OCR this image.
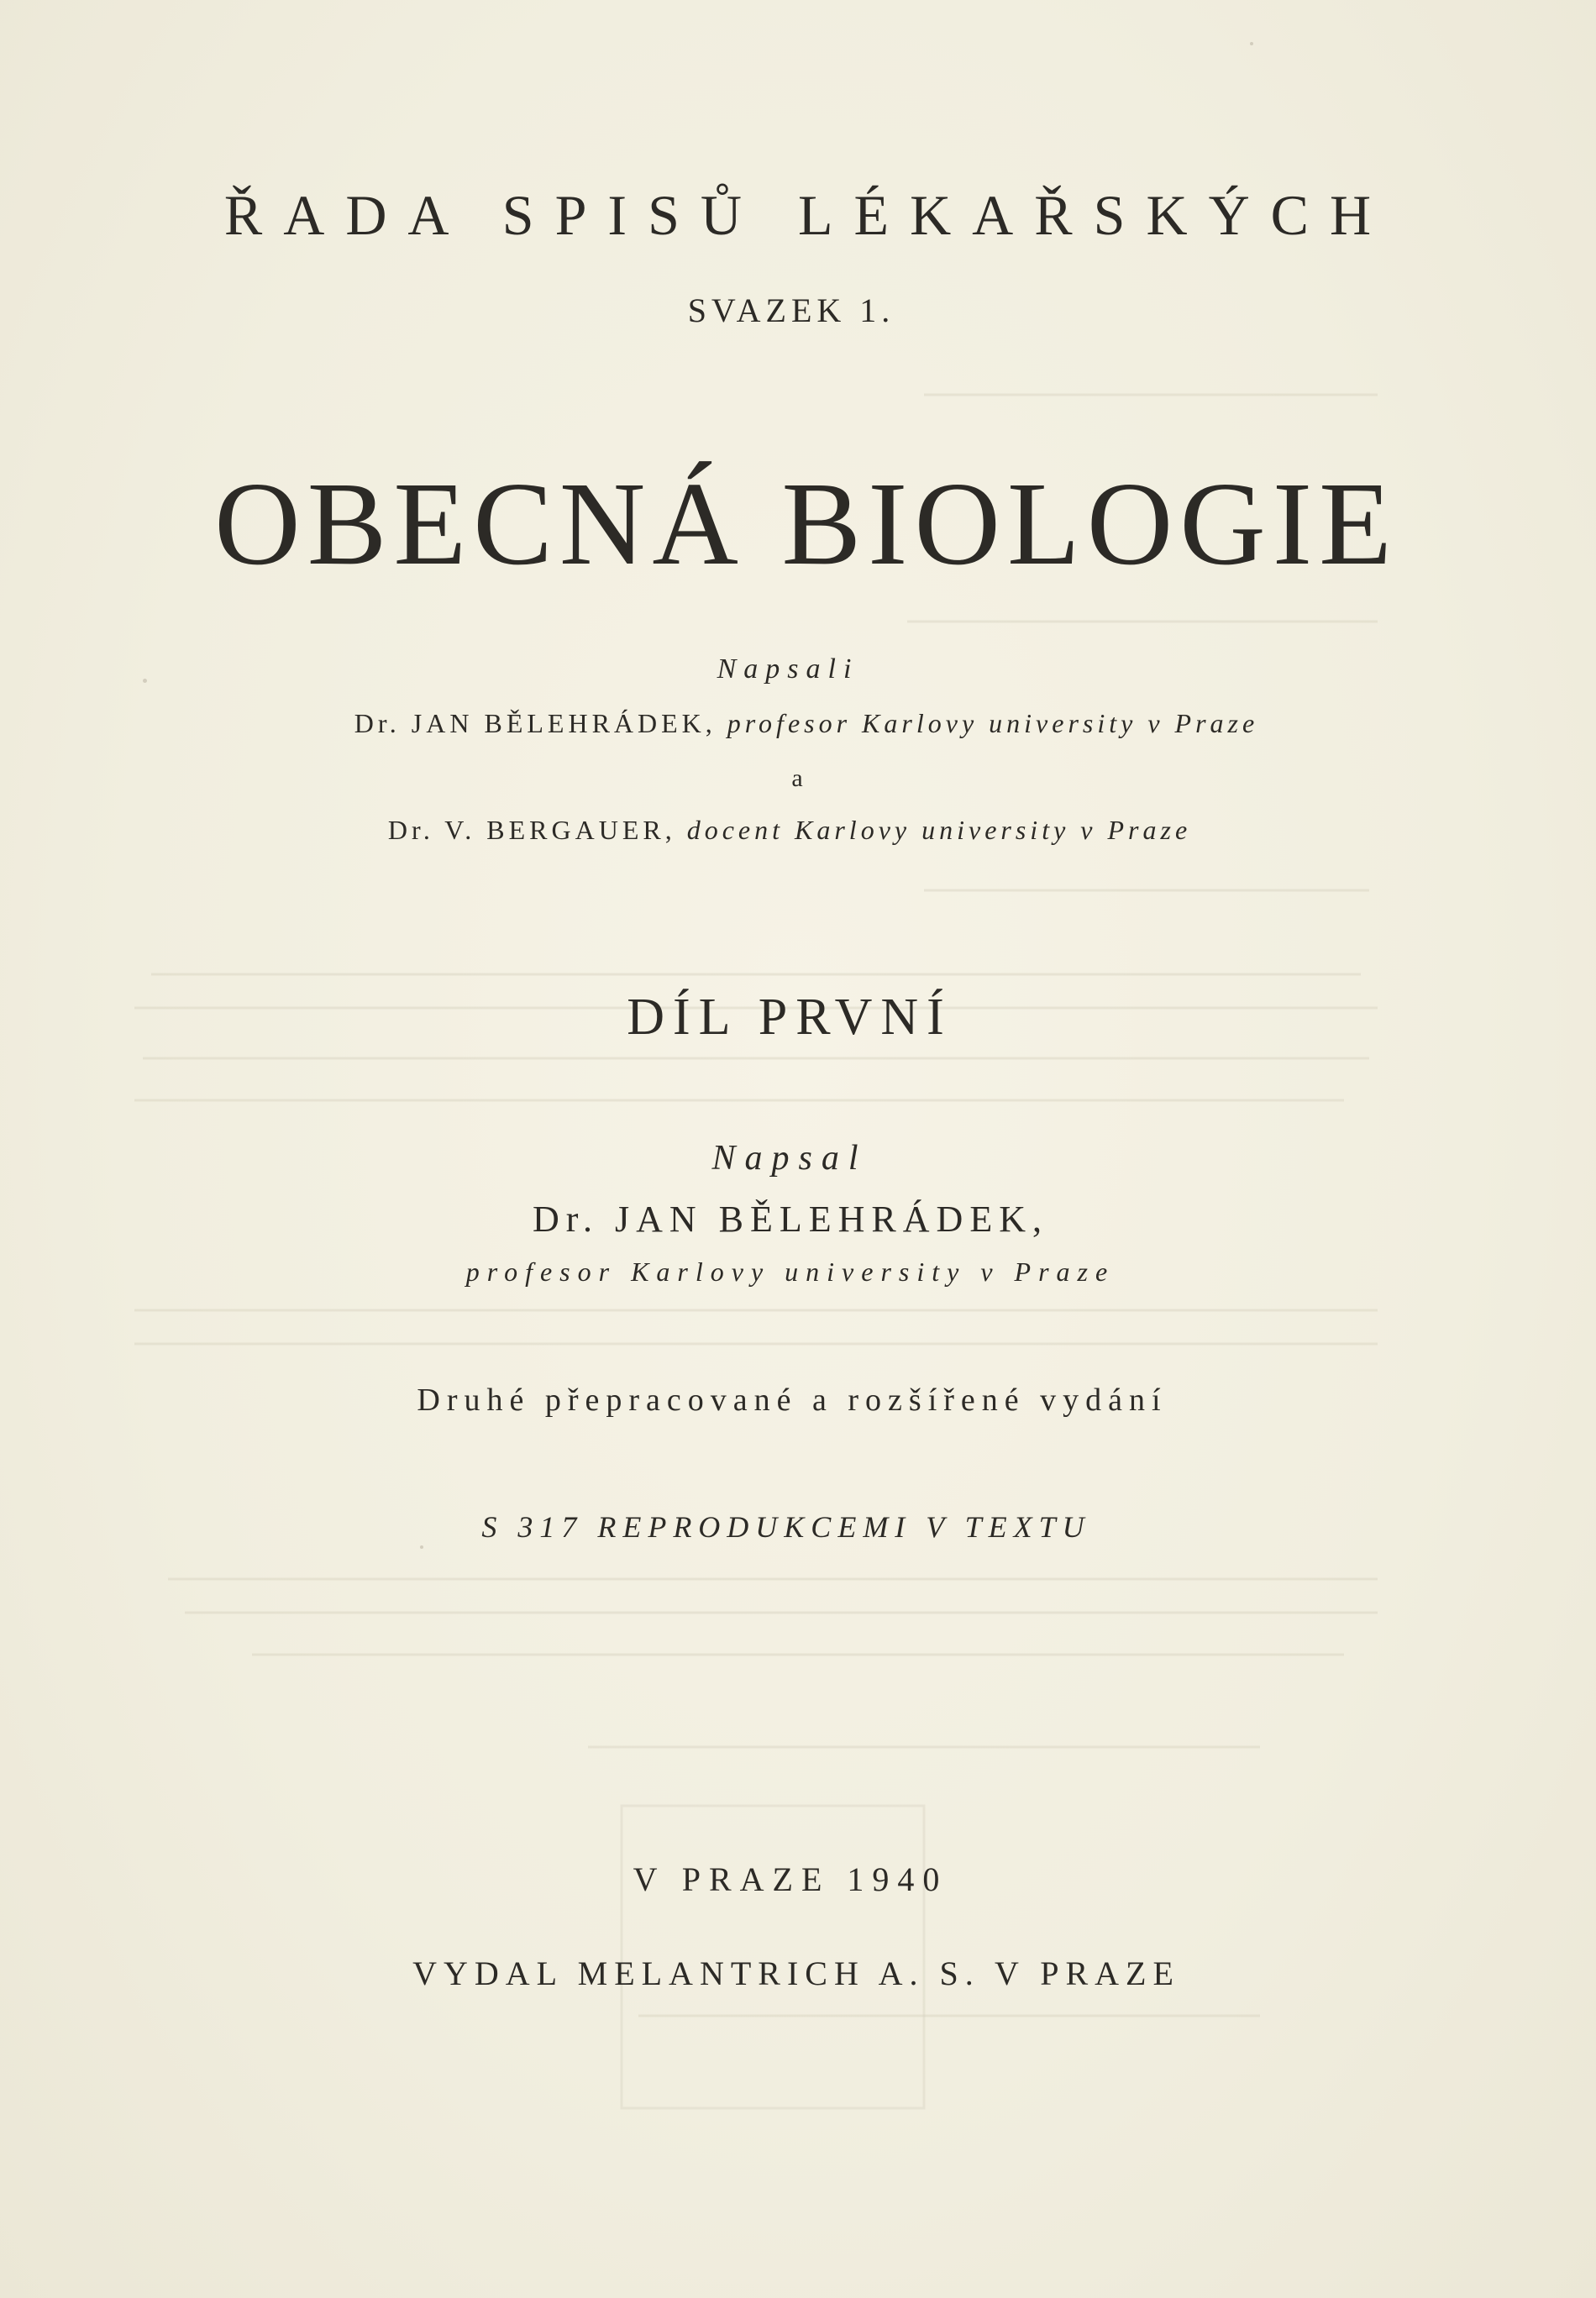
ŘADA SPISŮ LÉKAŘSKÝCH
SVAZEK 1.
OBECNÁ BIOLOGIE
Napsali
Dr. JAN BĚLEHRÁDEK, profesor Karlovy university v Praze
a
Dr. V. BERGAUER, docent Karlovy university v Praze
DÍL PRVNÍ
Napsal
Dr. JAN BĚLEHRÁDEK,
profesor Karlovy university v Praze
Druhé přepracované a rozšířené vydání
S 317 REPRODUKCEMI V TEXTU
V PRAZE 1940
VYDAL MELANTRICH A. S. V PRAZE
